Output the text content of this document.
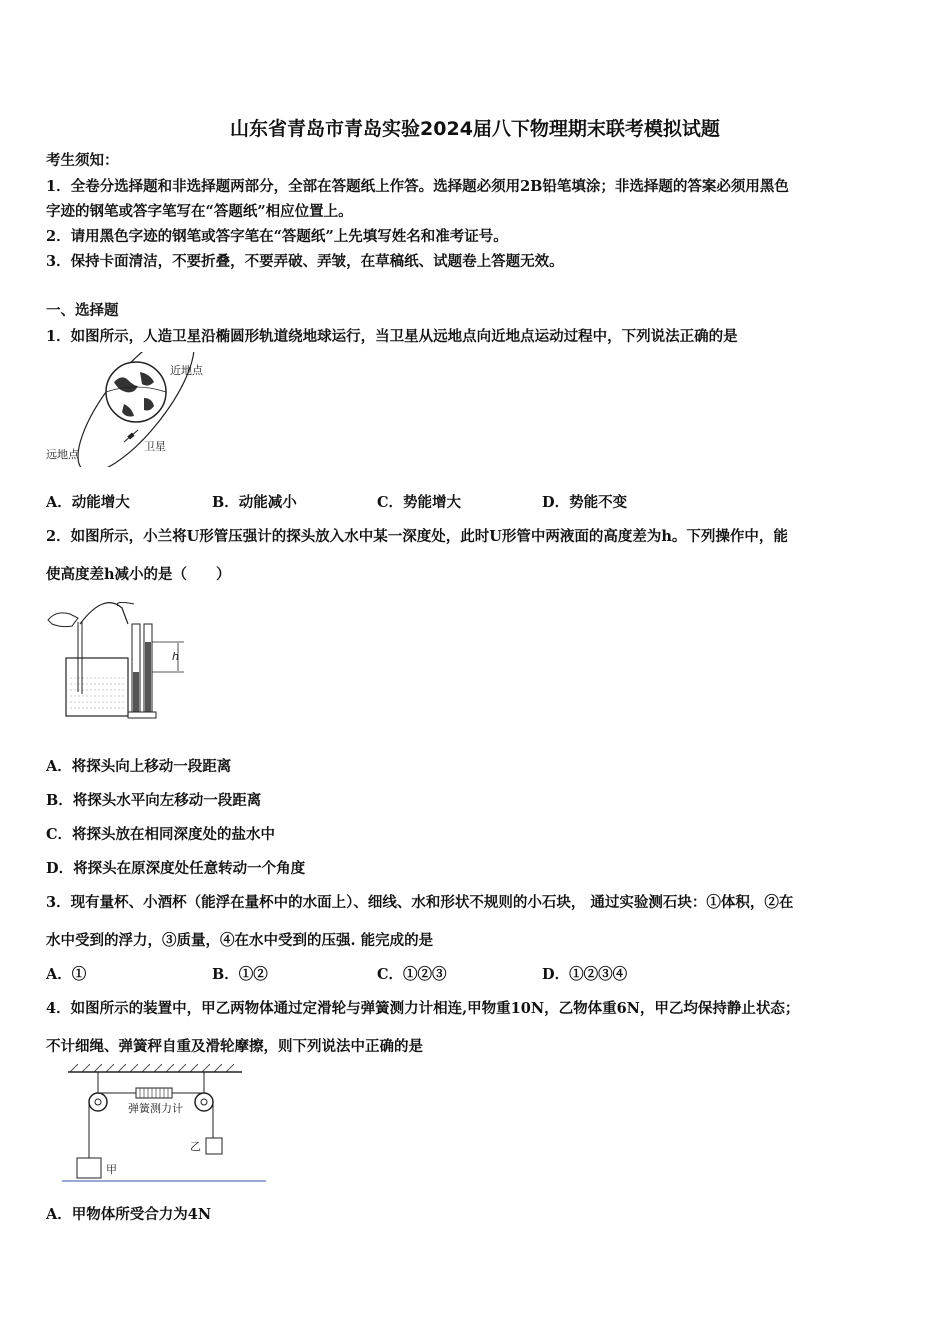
山东省青岛市青岛实验2024届八下物理期末联考模拟试题
考生须知：
1．全卷分选择题和非选择题两部分，全部在答题纸上作答。选择题必须用2B铅笔填涂；非选择题的答案必须用黑色
字迹的钢笔或答字笔写在“答题纸”相应位置上。
2．请用黑色字迹的钢笔或答字笔在“答题纸”上先填写姓名和准考证号。
3．保持卡面清洁，不要折叠，不要弄破、弄皱，在草稿纸、试题卷上答题无效。
一、选择题
1．如图所示，人造卫星沿椭圆形轨道绕地球运行，当卫星从远地点向近地点运动过程中，下列说法正确的是
近地点
卫星
远地点
A．动能增大	B．动能减小	C．势能增大	D．势能不变
2．如图所示，小兰将U形管压强计的探头放入水中某一深度处，此时U形管中两液面的高度差为h。下列操作中，能
使高度差h减小的是（　　）
h
A．将探头向上移动一段距离
B．将探头水平向左移动一段距离
C．将探头放在相同深度处的盐水中
D．将探头在原深度处任意转动一个角度
3．现有量杯、小酒杯（能浮在量杯中的水面上）、细线、水和形状不规则的小石块， 通过实验测石块：①体积，②在
水中受到的浮力，③质量，④在水中受到的压强. 能完成的是
A．①	B．①②	C．①②③	D．①②③④
4．如图所示的装置中，甲乙两物体通过定滑轮与弹簧测力计相连,甲物重10N，乙物体重6N，甲乙均保持静止状态；
不计细绳、弹簧秤自重及滑轮摩擦，则下列说法中正确的是
弹簧测力计
甲
乙
A．甲物体所受合力为4N
